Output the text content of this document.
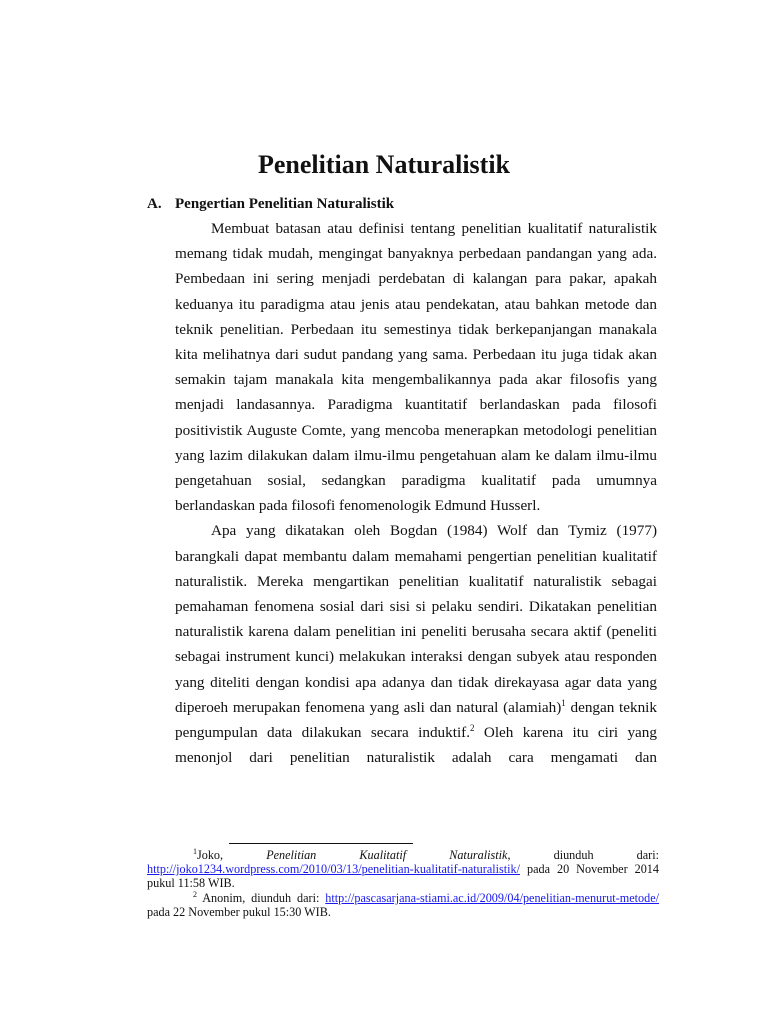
Penelitian Naturalistik
A. Pengertian Penelitian Naturalistik

Membuat batasan atau definisi tentang penelitian kualitatif naturalistik memang tidak mudah, mengingat banyaknya perbedaan pandangan yang ada. Pembedaan ini sering menjadi perdebatan di kalangan para pakar, apakah keduanya itu paradigma atau jenis atau pendekatan, atau bahkan metode dan teknik penelitian. Perbedaan itu semestinya tidak berkepanjangan manakala kita melihatnya dari sudut pandang yang sama. Perbedaan itu juga tidak akan semakin tajam manakala kita mengembalikannya pada akar filosofis yang menjadi landasannya. Paradigma kuantitatif berlandaskan pada filosofi positivistik Auguste Comte, yang mencoba menerapkan metodologi penelitian yang lazim dilakukan dalam ilmu-ilmu pengetahuan alam ke dalam ilmu-ilmu pengetahuan sosial, sedangkan paradigma kualitatif pada umumnya berlandaskan pada filosofi fenomenologik Edmund Husserl.

Apa yang dikatakan oleh Bogdan (1984) Wolf dan Tymiz (1977) barangkali dapat membantu dalam memahami pengertian penelitian kualitatif naturalistik. Mereka mengartikan penelitian kualitatif naturalistik sebagai pemahaman fenomena sosial dari sisi si pelaku sendiri. Dikatakan penelitian naturalistik karena dalam penelitian ini peneliti berusaha secara aktif (peneliti sebagai instrument kunci) melakukan interaksi dengan subyek atau responden yang diteliti dengan kondisi apa adanya dan tidak direkayasa agar data yang diperoeh merupakan fenomena yang asli dan natural (alamiah)$^1$ dengan teknik pengumpulan data dilakukan secara induktif.$^2$ Oleh karena itu ciri yang menonjol dari penelitian naturalistik adalah cara mengamati dan

$^1$Joko, Penelitian Kualitatif Naturalistik, diunduh dari: http://joko1234.wordpress.com/2010/03/13/penelitian-kualitatif-naturalistik/ pada 20 November 2014 pukul 11:58 WIB.

$^2$ Anonim, diunduh dari: http://pascasarjana-stiami.ac.id/2009/04/penelitian-menurut-metode/ pada 22 November pukul 15:30 WIB.
